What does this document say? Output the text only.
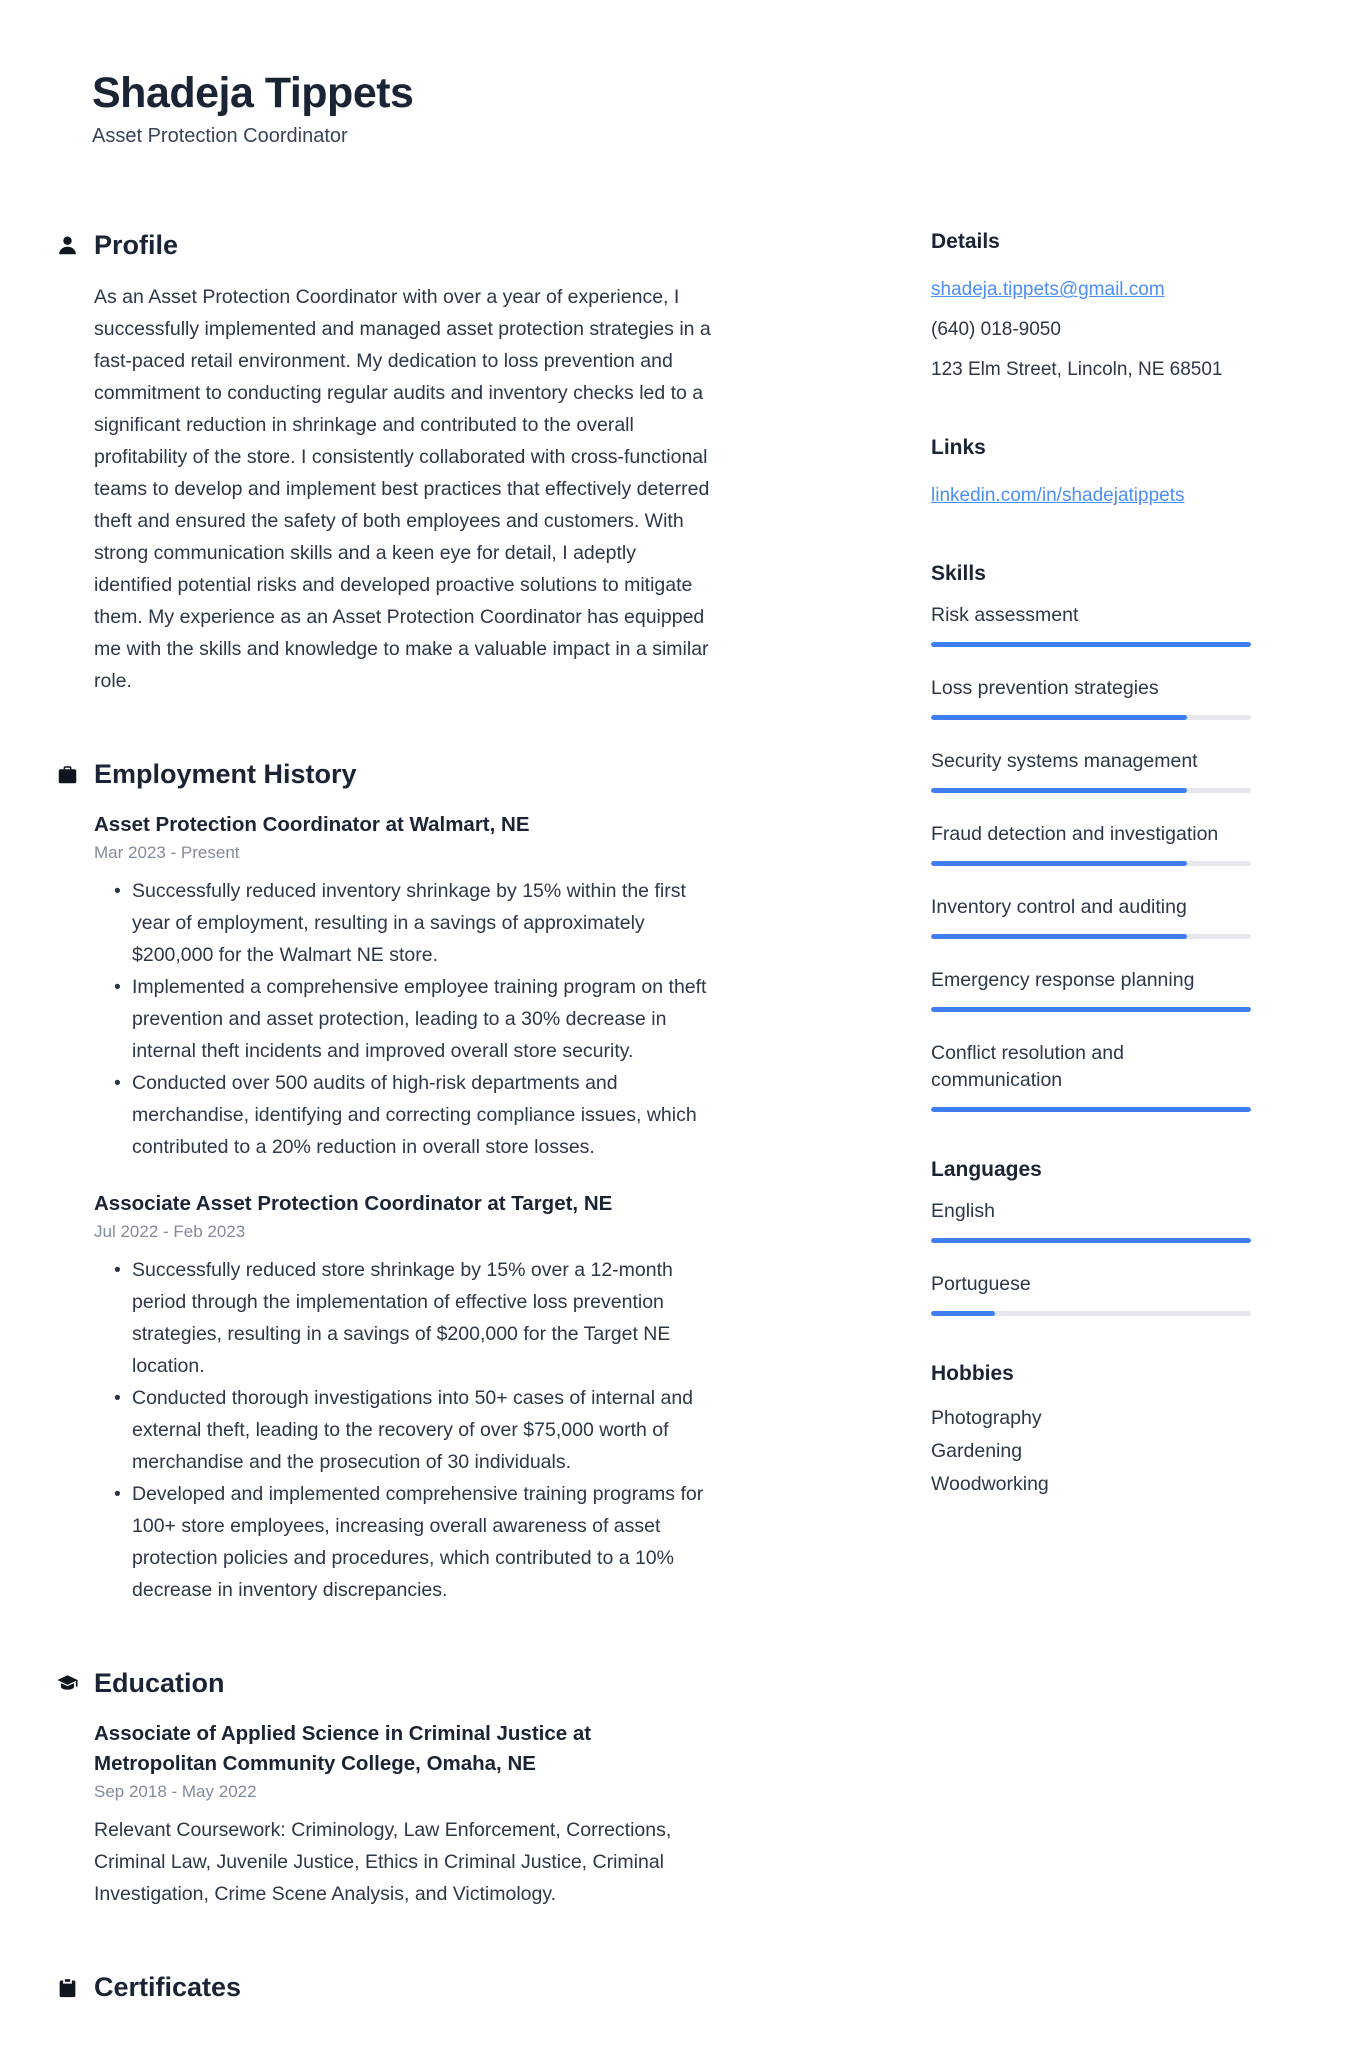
Shadeja Tippets
Asset Protection Coordinator
Profile

As an Asset Protection Coordinator with over a year of experience, I successfully implemented and managed asset protection strategies in a fast-paced retail environment. My dedication to loss prevention and commitment to conducting regular audits and inventory checks led to a significant reduction in shrinkage and contributed to the overall profitability of the store. I consistently collaborated with cross-functional teams to develop and implement best practices that effectively deterred theft and ensured the safety of both employees and customers. With strong communication skills and a keen eye for detail, I adeptly identified potential risks and developed proactive solutions to mitigate them. My experience as an Asset Protection Coordinator has equipped me with the skills and knowledge to make a valuable impact in a similar role.

Employment History
Asset Protection Coordinator at Walmart, NE
Mar 2023 - Present
• Successfully reduced inventory shrinkage by 15% within the first year of employment, resulting in a savings of approximately $200,000 for the Walmart NE store.
• Implemented a comprehensive employee training program on theft prevention and asset protection, leading to a 30% decrease in internal theft incidents and improved overall store security.
• Conducted over 500 audits of high-risk departments and merchandise, identifying and correcting compliance issues, which contributed to a 20% reduction in overall store losses.
Associate Asset Protection Coordinator at Target, NE
Jul 2022 - Feb 2023
• Successfully reduced store shrinkage by 15% over a 12-month period through the implementation of effective loss prevention strategies, resulting in a savings of $200,000 for the Target NE location.
• Conducted thorough investigations into 50+ cases of internal and external theft, leading to the recovery of over $75,000 worth of merchandise and the prosecution of 30 individuals.
• Developed and implemented comprehensive training programs for 100+ store employees, increasing overall awareness of asset protection policies and procedures, which contributed to a 10% decrease in inventory discrepancies.
Education
Associate of Applied Science in Criminal Justice at Metropolitan Community College, Omaha, NE
Sep 2018 - May 2022

Relevant Coursework: Criminology, Law Enforcement, Corrections, Criminal Law, Juvenile Justice, Ethics in Criminal Justice, Criminal Investigation, Crime Scene Analysis, and Victimology.

Certificates
Details
shadeja.tippets@gmail.com
(640) 018-9050
123 Elm Street, Lincoln, NE 68501
Links
linkedin.com/in/shadejatippets
Skills
Risk assessment
Loss prevention strategies
Security systems management
Fraud detection and investigation
Inventory control and auditing
Emergency response planning
Conflict resolution and communication
Languages
English
Portuguese
Hobbies
Photography
Gardening
Woodworking
